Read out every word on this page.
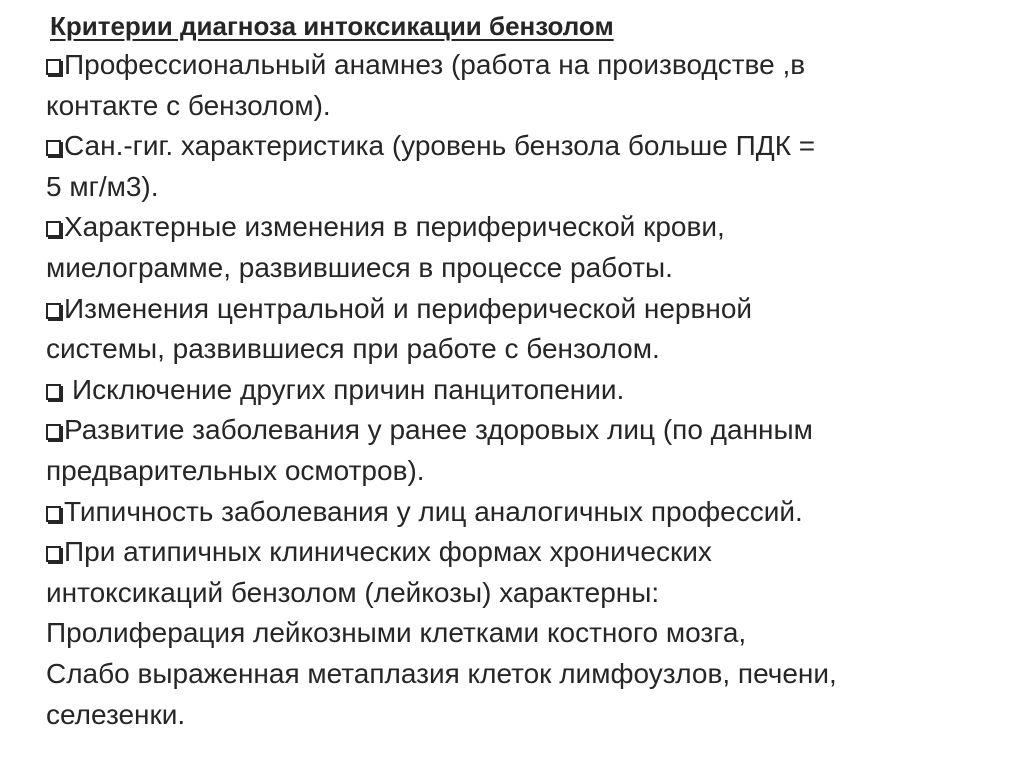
Критерии диагноза интоксикации бензолом
Профессиональный анамнез (работа на производстве ,в
контакте с бензолом).
Сан.-гиг. характеристика (уровень бензола больше ПДК =
5 мг/м3).
Характерные изменения в периферической крови,
миелограмме, развившиеся в процессе работы.
Изменения центральной и периферической нервной
системы, развившиеся при работе с бензолом.
Исключение других причин панцитопении.
Развитие заболевания у ранее здоровых лиц (по данным
предварительных осмотров).
Типичность заболевания у лиц аналогичных профессий.
При атипичных клинических формах хронических
интоксикаций бензолом (лейкозы) характерны:
Пролиферация лейкозными клетками костного мозга,
Слабо выраженная метаплазия клеток лимфоузлов, печени,
селезенки.
